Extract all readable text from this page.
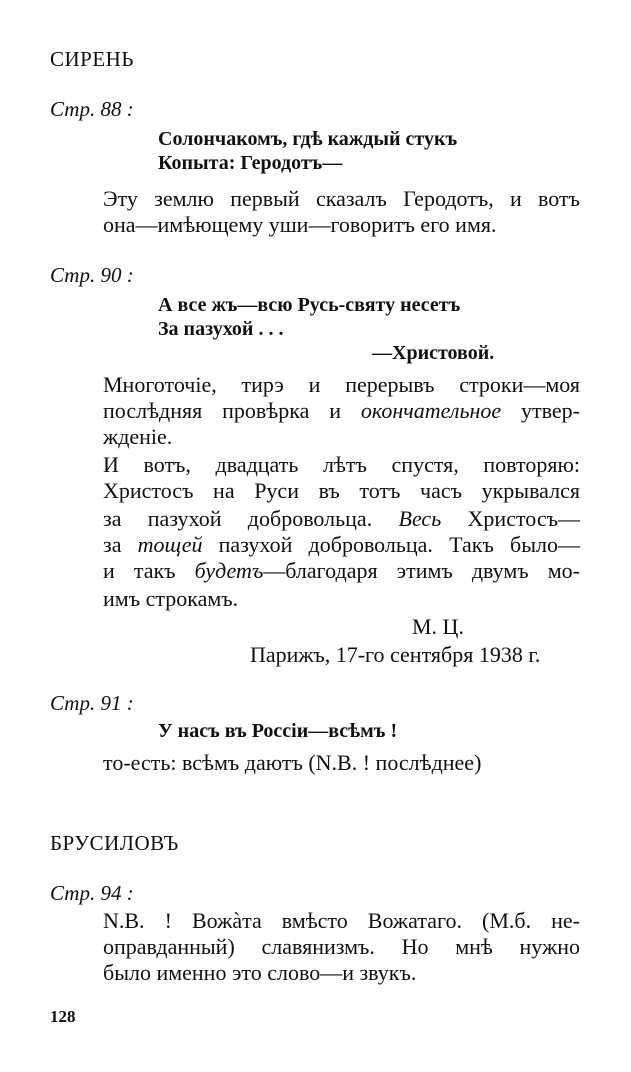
СИРЕНЬ
Стр. 88 :
Солончакомъ, гдѣ каждый стукъ
Копыта: Геродотъ—
Эту землю первый сказалъ Геродотъ, и вотъ
она—имѣющему уши—говоритъ его имя.
Стр. 90 :
А все жъ—всю Русь-святу несетъ
За пазухой . . .
—Христовой.
Многоточіе, тирэ и перерывъ строки—моя
послѣдняя провѣрка и окончательное утвер-
жденіе.
И вотъ, двадцать лѣтъ спустя, повторяю:
Христосъ на Руси въ тотъ часъ укрывался
за пазухой добровольца. Весь Христосъ—
за тощей пазухой добровольца. Такъ было—
и такъ будетъ—благодаря этимъ двумъ мо-
имъ строкамъ.
М. Ц.
Парижъ, 17-го сентября 1938 г.
Стр. 91 :
У насъ въ Россіи—всѣмъ !
то-есть: всѣмъ даютъ (N.B. ! послѣднее)
БРУСИЛОВЪ
Стр. 94 :
N.B. ! Вожàта вмѣсто Вожатаго. (М.б. не-
оправданный) славянизмъ. Но мнѣ нужно
было именно это слово—и звукъ.
128
